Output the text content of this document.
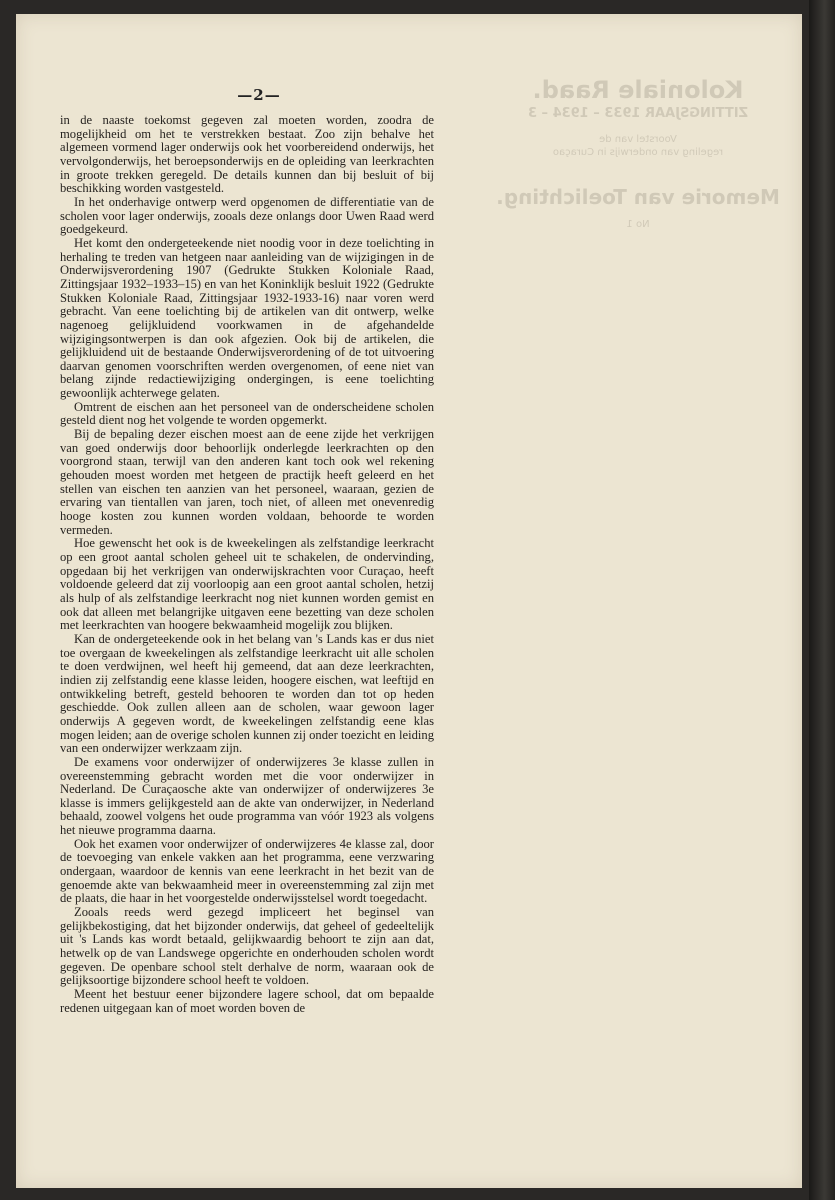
Koloniale Raad.
ZITTINGSJAAR 1933 – 1934 – 3
Voorstel van de
regeling van onderwijs in Curaçao
Memorie van Toelichting.
No 1
—2—

in de naaste toekomst gegeven zal moeten worden, zoodra de mogelijkheid om het te verstrekken bestaat. Zoo zijn behalve het algemeen vormend lager onderwijs ook het voorbereidend onderwijs, het vervolgonderwijs, het beroepsonderwijs en de opleiding van leerkrachten in groote trekken geregeld. De details kunnen dan bij besluit of bij beschikking worden vastgesteld.

In het onderhavige ontwerp werd opgenomen de differentiatie van de scholen voor lager onderwijs, zooals deze onlangs door Uwen Raad werd goedgekeurd.

Het komt den ondergeteekende niet noodig voor in deze toelichting in herhaling te treden van hetgeen naar aanleiding van de wijzigingen in de Onderwijsverordening 1907 (Gedrukte Stukken Koloniale Raad, Zittingsjaar 1932–1933–15) en van het Koninklijk besluit 1922 (Gedrukte Stukken Koloniale Raad, Zittingsjaar 1932-1933-16) naar voren werd gebracht. Van eene toelichting bij de artikelen van dit ontwerp, welke nagenoeg gelijkluidend voorkwamen in de afgehandelde wijzigingsontwerpen is dan ook afgezien. Ook bij de artikelen, die gelijkluidend uit de bestaande Onderwijsverordening of de tot uitvoering daarvan genomen voorschriften werden overgenomen, of eene niet van belang zijnde redactiewijziging ondergingen, is eene toelichting gewoonlijk achterwege gelaten.

Omtrent de eischen aan het personeel van de onderscheidene scholen gesteld dient nog het volgende te worden opgemerkt.

Bij de bepaling dezer eischen moest aan de eene zijde het verkrijgen van goed onderwijs door behoorlijk onderlegde leerkrachten op den voorgrond staan, terwijl van den anderen kant toch ook wel rekening gehouden moest worden met hetgeen de practijk heeft geleerd en het stellen van eischen ten aanzien van het personeel, waaraan, gezien de ervaring van tientallen van jaren, toch niet, of alleen met onevenredig hooge kosten zou kunnen worden voldaan, behoorde te worden vermeden.

Hoe gewenscht het ook is de kweekelingen als zelfstandige leerkracht op een groot aantal scholen geheel uit te schakelen, de ondervinding, opgedaan bij het verkrijgen van onderwijskrachten voor Curaçao, heeft voldoende geleerd dat zij voorloopig aan een groot aantal scholen, hetzij als hulp of als zelfstandige leerkracht nog niet kunnen worden gemist en ook dat alleen met belangrijke uitgaven eene bezetting van deze scholen met leerkrachten van hoogere bekwaamheid mogelijk zou blijken.

Kan de ondergeteekende ook in het belang van 's Lands kas er dus niet toe overgaan de kweekelingen als zelfstandige leerkracht uit alle scholen te doen verdwijnen, wel heeft hij gemeend, dat aan deze leerkrachten, indien zij zelfstandig eene klasse leiden, hoogere eischen, wat leeftijd en ontwikkeling betreft, gesteld behooren te worden dan tot op heden geschiedde. Ook zullen alleen aan de scholen, waar gewoon lager onderwijs A gegeven wordt, de kweekelingen zelfstandig eene klas mogen leiden; aan de overige scholen kunnen zij onder toezicht en leiding van een onderwijzer werkzaam zijn.

De examens voor onderwijzer of onderwijzeres 3e klasse zullen in overeenstemming gebracht worden met die voor onderwijzer in Nederland. De Curaçaosche akte van onderwijzer of onderwijzeres 3e klasse is immers gelijkgesteld aan de akte van onderwijzer, in Nederland behaald, zoowel volgens het oude programma van vóór 1923 als volgens het nieuwe programma daarna.

Ook het examen voor onderwijzer of onderwijzeres 4e klasse zal, door de toevoeging van enkele vakken aan het programma, eene verzwaring ondergaan, waardoor de kennis van eene leerkracht in het bezit van de genoemde akte van bekwaamheid meer in overeenstemming zal zijn met de plaats, die haar in het voorgestelde onderwijsstelsel wordt toegedacht.

Zooals reeds werd gezegd impliceert het beginsel van gelijkbekostiging, dat het bijzonder onderwijs, dat geheel of gedeeltelijk uit 's Lands kas wordt betaald, gelijkwaardig behoort te zijn aan dat, hetwelk op de van Landswege opgerichte en onderhouden scholen wordt gegeven. De openbare school stelt derhalve de norm, waaraan ook de gelijksoortige bijzondere school heeft te voldoen.

Meent het bestuur eener bijzondere lagere school, dat om bepaalde redenen uitgegaan kan of moet worden boven de
